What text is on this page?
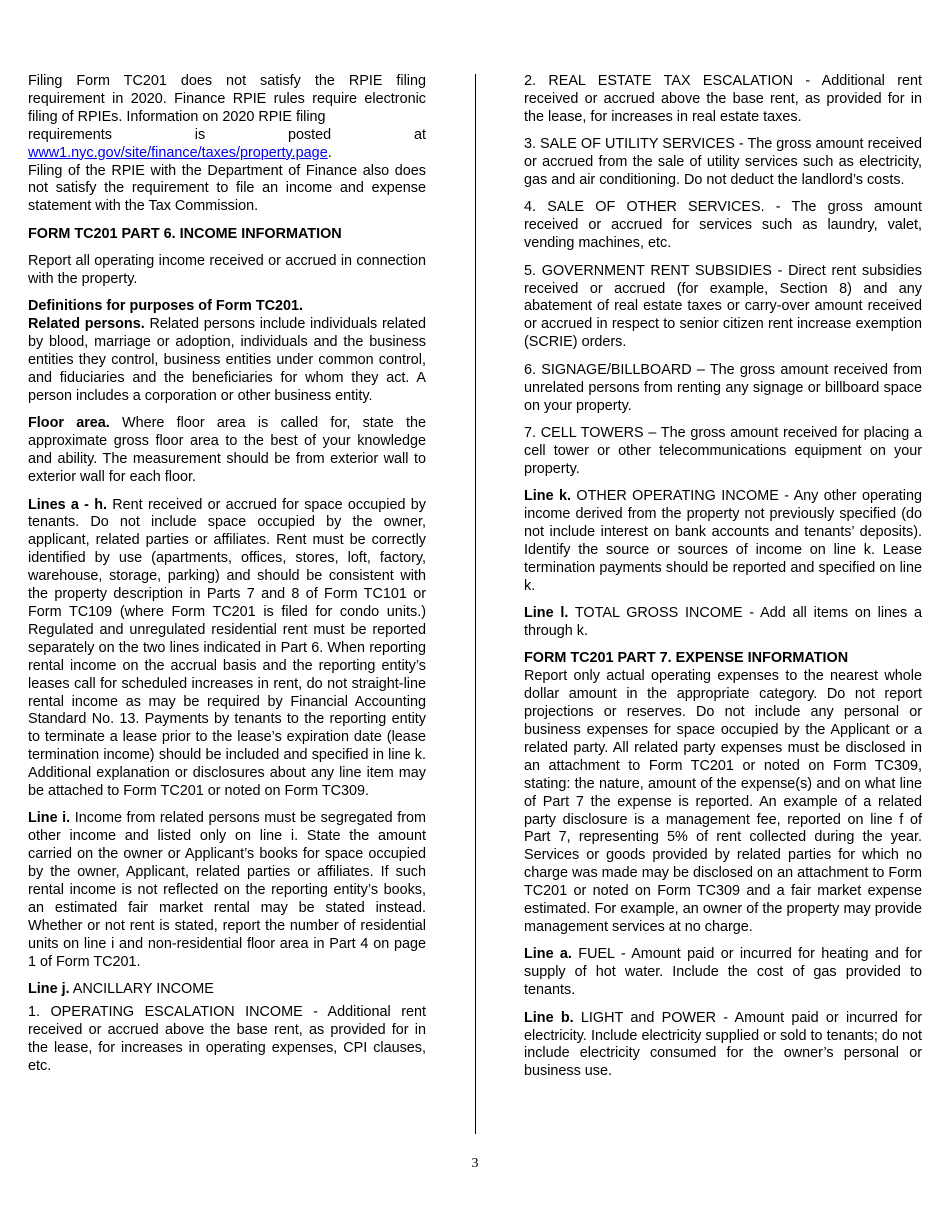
Filing Form TC201 does not satisfy the RPIE filing requirement in 2020. Finance RPIE rules require electronic filing of RPIEs. Information on 2020 RPIE filing

requirements	is	posted	at
www1.nyc.gov/site/finance/taxes/property.page.

Filing of the RPIE with the Department of Finance also does not satisfy the requirement to file an income and expense statement with the Tax Commission.

FORM TC201 PART 6. INCOME INFORMATION

Report all operating income received or accrued in connection with the property.

Definitions for purposes of Form TC201.

Related persons. Related persons include individuals related by blood, marriage or adoption, individuals and the business entities they control, business entities under common control, and fiduciaries and the beneficiaries for whom they act. A person includes a corporation or other business entity.

Floor area. Where floor area is called for, state the approximate gross floor area to the best of your knowledge and ability. The measurement should be from exterior wall to exterior wall for each floor.

Lines a - h. Rent received or accrued for space occupied by tenants. Do not include space occupied by the owner, applicant, related parties or affiliates. Rent must be correctly identified by use (apartments, offices, stores, loft, factory, warehouse, storage, parking) and should be consistent with the property description in Parts 7 and 8 of Form TC101 or Form TC109 (where Form TC201 is filed for condo units.) Regulated and unregulated residential rent must be reported separately on the two lines indicated in Part 6. When reporting rental income on the accrual basis and the reporting entity’s leases call for scheduled increases in rent, do not straight-line rental income as may be required by Financial Accounting Standard No. 13. Payments by tenants to the reporting entity to terminate a lease prior to the lease’s expiration date (lease termination income) should be included and specified in line k. Additional explanation or disclosures about any line item may be attached to Form TC201 or noted on Form TC309.

Line i. Income from related persons must be segregated from other income and listed only on line i. State the amount carried on the owner or Applicant’s books for space occupied by the owner, Applicant, related parties or affiliates. If such rental income is not reflected on the reporting entity’s books, an estimated fair market rental may be stated instead. Whether or not rent is stated, report the number of residential units on line i and non-residential floor area in Part 4 on page 1 of Form TC201.

Line j. ANCILLARY INCOME

1. OPERATING ESCALATION INCOME - Additional rent received or accrued above the base rent, as provided for in the lease, for increases in operating expenses, CPI clauses, etc.

2. REAL ESTATE TAX ESCALATION - Additional rent received or accrued above the base rent, as provided for in the lease, for increases in real estate taxes.

3. SALE OF UTILITY SERVICES - The gross amount received or accrued from the sale of utility services such as electricity, gas and air conditioning. Do not deduct the landlord’s costs.

4. SALE OF OTHER SERVICES. - The gross amount received or accrued for services such as laundry, valet, vending machines, etc.

5. GOVERNMENT RENT SUBSIDIES - Direct rent subsidies received or accrued (for example, Section 8) and any abatement of real estate taxes or carry-over amount received or accrued in respect to senior citizen rent increase exemption (SCRIE) orders.

6. SIGNAGE/BILLBOARD – The gross amount received from unrelated persons from renting any signage or billboard space on your property.

7. CELL TOWERS – The gross amount received for placing a cell tower or other telecommunications equipment on your property.

Line k. OTHER OPERATING INCOME - Any other operating income derived from the property not previously specified (do not include interest on bank accounts and tenants’ deposits). Identify the source or sources of income on line k. Lease termination payments should be reported and specified on line k.

Line l. TOTAL GROSS INCOME - Add all items on lines a through k.

FORM TC201 PART 7. EXPENSE INFORMATION

Report only actual operating expenses to the nearest whole dollar amount in the appropriate category. Do not report projections or reserves. Do not include any personal or business expenses for space occupied by the Applicant or a related party. All related party expenses must be disclosed in an attachment to Form TC201 or noted on Form TC309, stating: the nature, amount of the expense(s) and on what line of Part 7 the expense is reported. An example of a related party disclosure is a management fee, reported on line f of Part 7, representing 5% of rent collected during the year. Services or goods provided by related parties for which no charge was made may be disclosed on an attachment to Form TC201 or noted on Form TC309 and a fair market expense estimated. For example, an owner of the property may provide management services at no charge.

Line a. FUEL - Amount paid or incurred for heating and for supply of hot water. Include the cost of gas provided to tenants.

Line b. LIGHT and POWER - Amount paid or incurred for electricity. Include electricity supplied or sold to tenants; do not include electricity consumed for the owner’s personal or business use.

3
